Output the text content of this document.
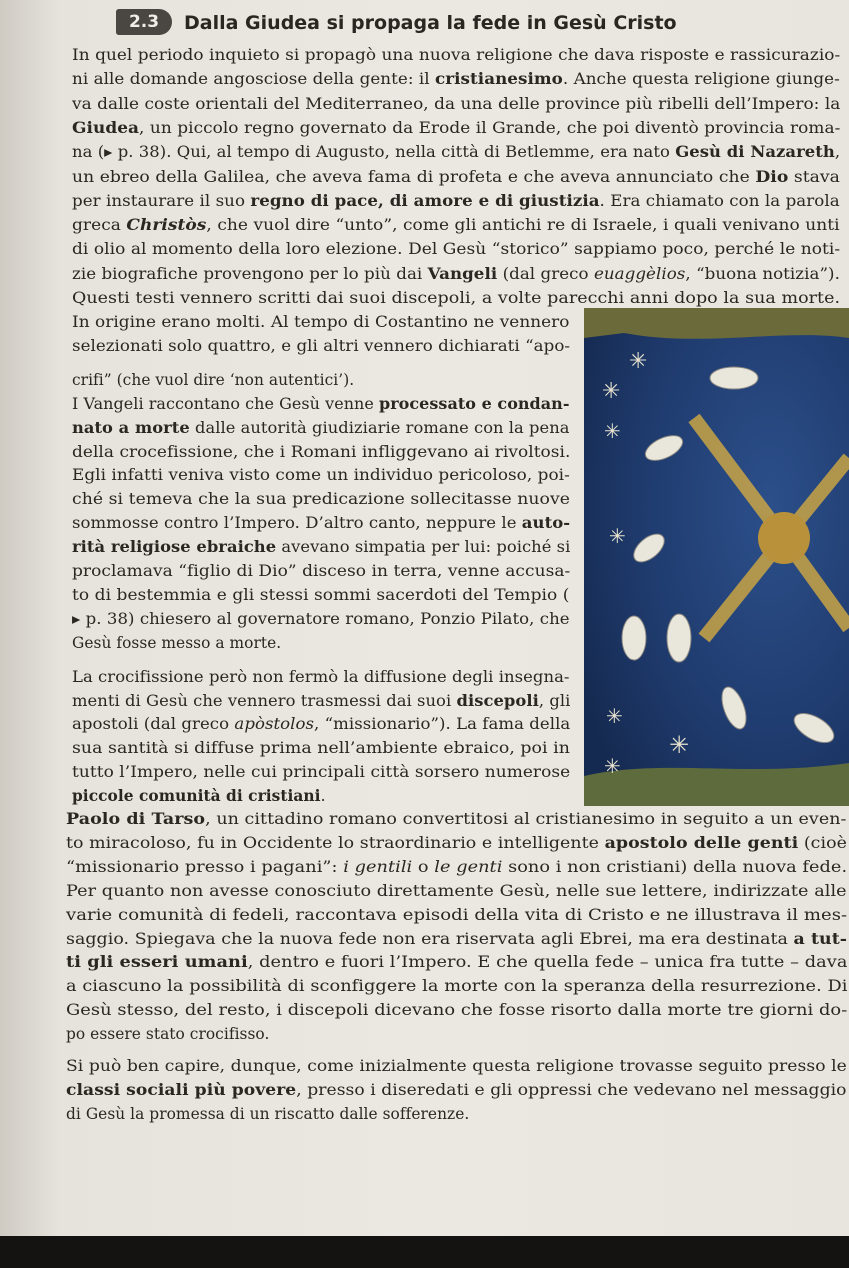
2.3	Dalla Giudea si propaga la fede in Gesù Cristo
In quel periodo inquieto si propagò una nuova religione che dava risposte e rassicurazio-
ni alle domande angosciose della gente: il cristianesimo. Anche questa religione giunge-
va dalle coste orientali del Mediterraneo, da una delle province più ribelli dell’Impero: la
Giudea, un piccolo regno governato da Erode il Grande, che poi diventò provincia roma-
na (▸ p. 38). Qui, al tempo di Augusto, nella città di Betlemme, era nato Gesù di Nazareth,
un ebreo della Galilea, che aveva fama di profeta e che aveva annunciato che Dio stava
per instaurare il suo regno di pace, di amore e di giustizia. Era chiamato con la parola
greca Christòs, che vuol dire “unto”, come gli antichi re di Israele, i quali venivano unti
di olio al momento della loro elezione. Del Gesù “storico” sappiamo poco, perché le noti-
zie biografiche provengono per lo più dai Vangeli (dal greco euaggèlios, “buona notizia”).
Questi testi vennero scritti dai suoi discepoli, a volte parecchi anni dopo la sua morte.
In origine erano molti. Al tempo di Costantino ne vennero
selezionati solo quattro, e gli altri vennero dichiarati “apo-
crifi” (che vuol dire ‘non autentici’).
I Vangeli raccontano che Gesù venne processato e condan-
nato a morte dalle autorità giudiziarie romane con la pena
della crocefissione, che i Romani infliggevano ai rivoltosi.
Egli infatti veniva visto come un individuo pericoloso, poi-
ché si temeva che la sua predicazione sollecitasse nuove
sommosse contro l’Impero. D’altro canto, neppure le auto-
rità religiose ebraiche avevano simpatia per lui: poiché si
proclamava “figlio di Dio” disceso in terra, venne accusa-
to di bestemmia e gli stessi sommi sacerdoti del Tempio (
▸ p. 38) chiesero al governatore romano, Ponzio Pilato, che
Gesù fosse messo a morte.
La crocifissione però non fermò la diffusione degli insegna-
menti di Gesù che vennero trasmessi dai suoi discepoli, gli
apostoli (dal greco apòstolos, “missionario”). La fama della
sua santità si diffuse prima nell’ambiente ebraico, poi in
tutto l’Impero, nelle cui principali città sorsero numerose
piccole comunità di cristiani.
Paolo di Tarso, un cittadino romano convertitosi al cristianesimo in seguito a un even-
to miracoloso, fu in Occidente lo straordinario e intelligente apostolo delle genti (cioè
“missionario presso i pagani”: i gentili o le genti sono i non cristiani) della nuova fede.
Per quanto non avesse conosciuto direttamente Gesù, nelle sue lettere, indirizzate alle
varie comunità di fedeli, raccontava episodi della vita di Cristo e ne illustrava il mes-
saggio. Spiegava che la nuova fede non era riservata agli Ebrei, ma era destinata a tut-
ti gli esseri umani, dentro e fuori l’Impero. E che quella fede – unica fra tutte – dava
a ciascuno la possibilità di sconfiggere la morte con la speranza della resurrezione. Di
Gesù stesso, del resto, i discepoli dicevano che fosse risorto dalla morte tre giorni do-
po essere stato crocifisso.
Si può ben capire, dunque, come inizialmente questa religione trovasse seguito presso le
classi sociali più povere, presso i diseredati e gli oppressi che vedevano nel messaggio
di Gesù la promessa di un riscatto dalle sofferenze.
✳
✳
✳
✳
✳
✳
✳
